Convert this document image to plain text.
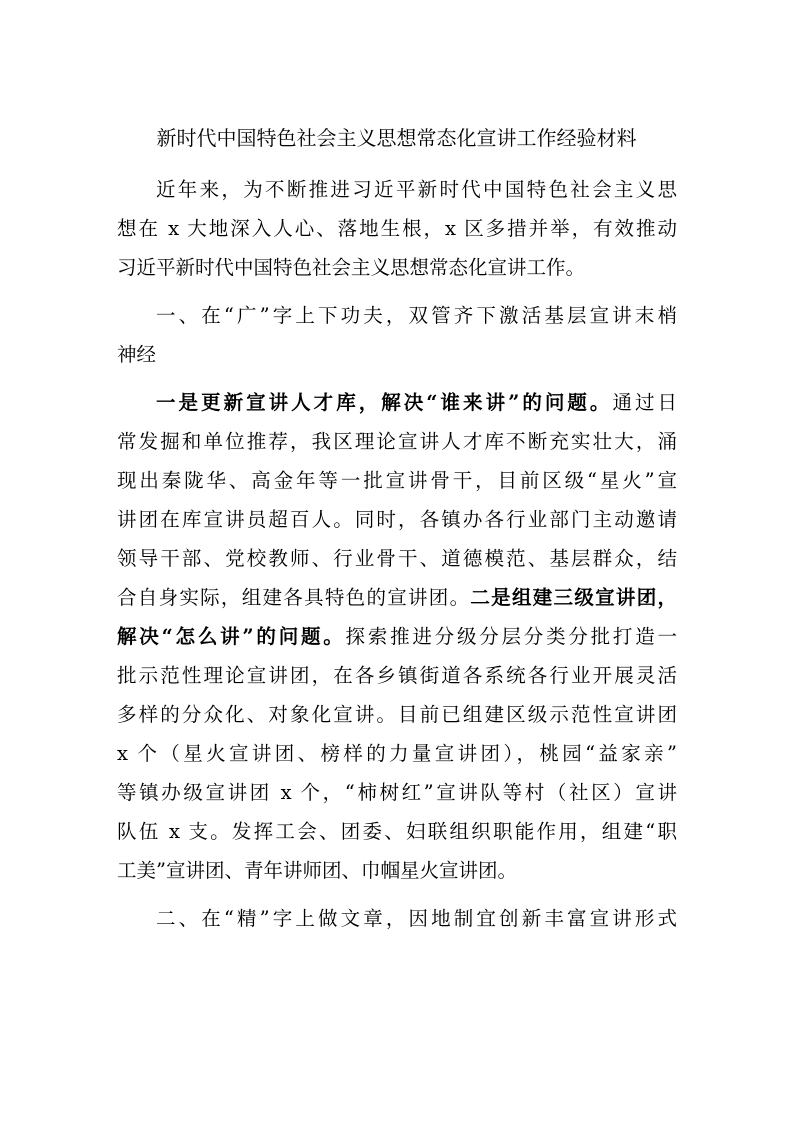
新时代中国特色社会主义思想常态化宣讲工作经验材料
近年来，为不断推进习近平新时代中国特色社会主义思
想在 x 大地深入人心、落地生根，x 区多措并举，有效推动
习近平新时代中国特色社会主义思想常态化宣讲工作。
一、在“广”字上下功夫，双管齐下激活基层宣讲末梢
神经
一是更新宣讲人才库，解决“谁来讲”的问题。通过日
常发掘和单位推荐，我区理论宣讲人才库不断充实壮大，涌
现出秦陇华、高金年等一批宣讲骨干，目前区级“星火”宣
讲团在库宣讲员超百人。同时，各镇办各行业部门主动邀请
领导干部、党校教师、行业骨干、道德模范、基层群众，结
合自身实际，组建各具特色的宣讲团。二是组建三级宣讲团，
解决“怎么讲”的问题。探索推进分级分层分类分批打造一
批示范性理论宣讲团，在各乡镇街道各系统各行业开展灵活
多样的分众化、对象化宣讲。目前已组建区级示范性宣讲团
x 个（星火宣讲团、榜样的力量宣讲团），桃园“益家亲”
等镇办级宣讲团 x 个，“柿树红”宣讲队等村（社区）宣讲
队伍 x 支。发挥工会、团委、妇联组织职能作用，组建“职
工美”宣讲团、青年讲师团、巾帼星火宣讲团。
二、在“精”字上做文章，因地制宜创新丰富宣讲形式
